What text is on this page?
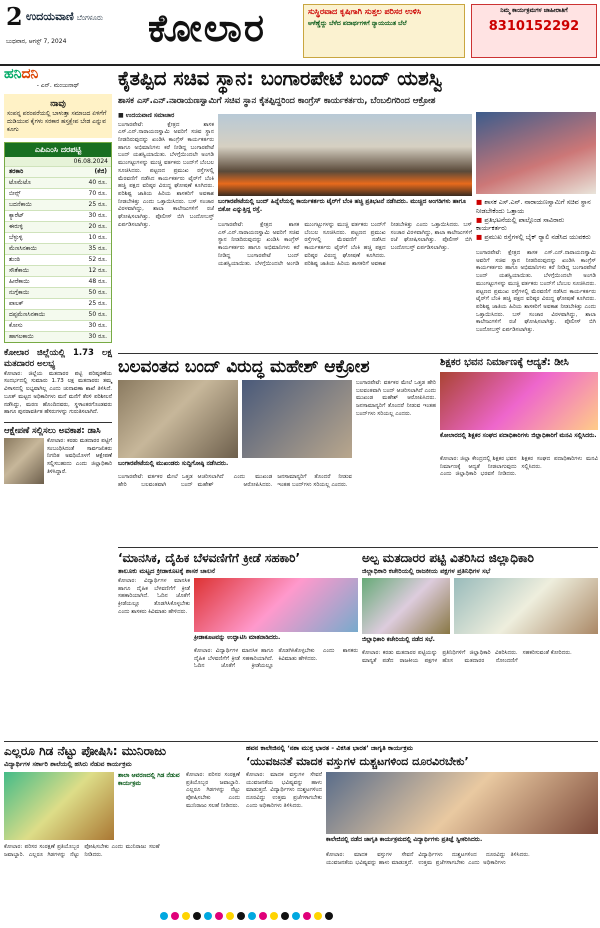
2 ಉದಯವಾಣಿ ಬೆಂಗಳೂರು
ಬುಧವಾರ, ಆಗಸ್ಟ್ 7, 2024 ಕೋಲಾರ	ಸುಸ್ಥಿರವಾದ ಕೃಷಿಗಾಗಿ ಸುತ್ತಲ ಪರಿಸರ ಉಳಿಸಿ
ಆಳೆಣ್ಣೆದ್ದು ಬೆಳೆದ ಪದಾರ್ಥಗಳಿಗೆ ನ್ಯಾಯಯುತ ಬೆಲೆ
ನಿಮ್ಮ ಕಾರ್ಯಕ್ರಮಗಳ ಜಾಹೀರಾತಿಗೆ
8310152292
ಹನಿದನಿ
- ಎನ್. ಮಂಜುನಾಥ್
ನಾವು
ಸಂಪನ್ನ ಪರಂಪರೆಯಲ್ಲಿ ಬಾಳುತ್ತಾ ಸಮಾಜದ ಏಳಿಗೆಗೆ ದುಡಿಯುವ ಕೈಗಳು ಸರಕಾರ ಹಸ್ತಕ್ಷೇಪ ಬೇಡ ಎನ್ನುವ ಕೂಗು
ಎಪಿಎಂಸಿ ದರಪಟ್ಟಿ
06.08.2024
ತರಕಾರಿ	(ಕೆಜಿ)
ಟೊಮೆಟೊ	40 ರೂ.
ಬೀನ್ಸ್	70 ರೂ.
ಬದನೆಕಾಯಿ	25 ರೂ.
ಕ್ಯಾರೆಟ್	30 ರೂ.
ಈರುಳ್ಳಿ	20 ರೂ.
ಬೆಳ್ಳುಳ್ಳಿ	10 ರೂ.
ಮೆಣಸಿನಕಾಯಿ	35 ರೂ.
ಶುಂಠಿ	52 ರೂ.
ಸೌತೆಕಾಯಿ	12 ರೂ.
ಹೀರೆಕಾಯಿ	48 ರೂ.
ನುಗ್ಗೆಕಾಯಿ	50 ರೂ.
ಪಾಲಕ್	25 ರೂ.
ದಪ್ಪಮೆಣಸಿನಕಾಯಿ	50 ರೂ.
ಕೋಸು	30 ರೂ.
ಹಾಗಲಕಾಯಿ	30 ರೂ.
ಕೋಲಾರ ಜಿಲ್ಲೆಯಲ್ಲಿ 1.73 ಲಕ್ಷ ಮತದಾರರ ಅಲಭ್ಯ
ಕೋಲಾರ: ಜಿಲ್ಲೆಯ ಮತದಾರರ ಪಟ್ಟಿ ಪರಿಷ್ಕರಣೆಯ ಸಂದರ್ಭದಲ್ಲಿ ಸುಮಾರು 1.73 ಲಕ್ಷ ಮತದಾರರು ತಮ್ಮ ವಿಳಾಸದಲ್ಲಿ ಲಭ್ಯವಾಗಿಲ್ಲ ಎಂದು ಚುನಾವಣಾ ಶಾಖೆ ತಿಳಿಸಿದೆ. ಬೂತ್ ಮಟ್ಟದ ಅಧಿಕಾರಿಗಳು ಮನೆ ಮನೆಗೆ ತೆರಳಿ ಪರಿಶೀಲನೆ ನಡೆಸಿದ್ದು, ಮರಣ ಹೊಂದಿದವರು, ಸ್ಥಳಾಂತರಗೊಂಡವರು ಹಾಗೂ ಪುನರಾವರ್ತಿತ ಹೆಸರುಗಳನ್ನು ಗುರುತಿಸಲಾಗಿದೆ.
ಆಕ್ಷೇಪಣೆ ಸಲ್ಲಿಸಲು ಅವಕಾಶ: ಡಾಸಿ
ಕೋಲಾರ: ಕರಡು ಮತದಾರರ ಪಟ್ಟಿಗೆ ಸಂಬಂಧಿಸಿದಂತೆ ಸಾರ್ವಜನಿಕರು ನಿಗದಿತ ಅವಧಿಯೊಳಗೆ ಆಕ್ಷೇಪಣೆ ಸಲ್ಲಿಸಬಹುದು ಎಂದು ಜಿಲ್ಲಾಧಿಕಾರಿ ತಿಳಿಸಿದ್ದಾರೆ.
ಕೈತಪ್ಪಿದ ಸಚಿವ ಸ್ಥಾನ: ಬಂಗಾರಪೇಟೆ ಬಂದ್ ಯಶಸ್ವಿ
ಶಾಸಕ ಎಸ್.ಎನ್.ನಾರಾಯಣಸ್ವಾಮಿಗೆ ಸಚಿವ ಸ್ಥಾನ ಕೈತಪ್ಪಿದ್ದರಿಂದ ಕಾಂಗ್ರೆಸ್ ಕಾರ್ಯಕರ್ತರು, ಬೆಂಬಲಿಗರಿಂದ ಆಕ್ರೋಶ
■ ಉದಯವಾಣಿ ಸಮಾಚಾರ
ಬಂಗಾರಪೇಟೆ: ಕ್ಷೇತ್ರದ ಶಾಸಕ ಎಸ್.ಎನ್.ನಾರಾಯಣಸ್ವಾಮಿ ಅವರಿಗೆ ಸಚಿವ ಸ್ಥಾನ ನೀಡದಿರುವುದನ್ನು ಖಂಡಿಸಿ ಕಾಂಗ್ರೆಸ್ ಕಾರ್ಯಕರ್ತರು ಹಾಗೂ ಅಭಿಮಾನಿಗಳು ಕರೆ ನೀಡಿದ್ದ ಬಂಗಾರಪೇಟೆ ಬಂದ್ ಯಶಸ್ವಿಯಾಯಿತು. ಬೆಳಗ್ಗೆಯಿಂದಲೇ ಅಂಗಡಿ ಮುಂಗಟ್ಟುಗಳನ್ನು ಮುಚ್ಚಿ ವರ್ತಕರು ಬಂದ್‌ಗೆ ಬೆಂಬಲ ಸೂಚಿಸಿದರು. ಪಟ್ಟಣದ ಪ್ರಮುಖ ರಸ್ತೆಗಳಲ್ಲಿ ಮೆರವಣಿಗೆ ನಡೆಸಿದ ಕಾರ್ಯಕರ್ತರು ಟೈರ್‌ಗೆ ಬೆಂಕಿ ಹಚ್ಚಿ ಪಕ್ಷದ ವರಿಷ್ಠರ ವಿರುದ್ಧ ಘೋಷಣೆ ಕೂಗಿದರು. ಪರಿಶಿಷ್ಟ ಜಾತಿಯ ಹಿರಿಯ ಶಾಸಕರಿಗೆ ಅವಕಾಶ ನೀಡಬೇಕಿತ್ತು ಎಂದು ಒತ್ತಾಯಿಸಿದರು. ಬಸ್ ಸಂಚಾರ ವಿರಳವಾಗಿದ್ದು, ಶಾಲಾ ಕಾಲೇಜುಗಳಿಗೆ ರಜೆ ಘೋಷಿಸಲಾಗಿತ್ತು. ಪೊಲೀಸ್ ಬಿಗಿ ಬಂದೋಬಸ್ತ್ ಏರ್ಪಡಿಸಲಾಗಿತ್ತು.
ಬಂಗಾರಪೇಟೆಯಲ್ಲಿ ಬಂದ್ ಹಿನ್ನೆಲೆಯಲ್ಲಿ ಕಾರ್ಯಕರ್ತರು ಟೈರ್‌ಗೆ ಬೆಂಕಿ ಹಚ್ಚಿ ಪ್ರತಿಭಟನೆ ನಡೆಸಿದರು. ಮುಚ್ಚಿದ ಅಂಗಡಿಗಳು ಹಾಗೂ ಬಿಕೋ ಎನ್ನುತ್ತಿದ್ದ ರಸ್ತೆ.
■ ಶಾಸಕ ಎಸ್.ಎನ್. ನಾರಾಯಣಸ್ವಾಮಿಗೆ ಸಚಿವ ಸ್ಥಾನ ನೀಡಬೇಕೆಂದು ಒತ್ತಾಯ
■ ಪ್ರತಿಭಟನೆಯಲ್ಲಿ ಪಾಲ್ಗೊಂಡ ಸಾವಿರಾರು ಕಾರ್ಯಕರ್ತರು
■ ಪ್ರಮುಖ ರಸ್ತೆಗಳಲ್ಲಿ ಬೈಕ್ ರ್‍ಯಾಲಿ ನಡೆಸಿದ ಯುವಕರು
ಬಂಗಾರಪೇಟೆ: ಕ್ಷೇತ್ರದ ಶಾಸಕ ಎಸ್.ಎನ್.ನಾರಾಯಣಸ್ವಾಮಿ ಅವರಿಗೆ ಸಚಿವ ಸ್ಥಾನ ನೀಡದಿರುವುದನ್ನು ಖಂಡಿಸಿ ಕಾಂಗ್ರೆಸ್ ಕಾರ್ಯಕರ್ತರು ಹಾಗೂ ಅಭಿಮಾನಿಗಳು ಕರೆ ನೀಡಿದ್ದ ಬಂಗಾರಪೇಟೆ ಬಂದ್ ಯಶಸ್ವಿಯಾಯಿತು. ಬೆಳಗ್ಗೆಯಿಂದಲೇ ಅಂಗಡಿ ಮುಂಗಟ್ಟುಗಳನ್ನು ಮುಚ್ಚಿ ವರ್ತಕರು ಬಂದ್‌ಗೆ ಬೆಂಬಲ ಸೂಚಿಸಿದರು. ಪಟ್ಟಣದ ಪ್ರಮುಖ ರಸ್ತೆಗಳಲ್ಲಿ ಮೆರವಣಿಗೆ ನಡೆಸಿದ ಕಾರ್ಯಕರ್ತರು ಟೈರ್‌ಗೆ ಬೆಂಕಿ ಹಚ್ಚಿ ಪಕ್ಷದ ವರಿಷ್ಠರ ವಿರುದ್ಧ ಘೋಷಣೆ ಕೂಗಿದರು. ಪರಿಶಿಷ್ಟ ಜಾತಿಯ ಹಿರಿಯ ಶಾಸಕರಿಗೆ ಅವಕಾಶ ನೀಡಬೇಕಿತ್ತು ಎಂದು ಒತ್ತಾಯಿಸಿದರು. ಬಸ್ ಸಂಚಾರ ವಿರಳವಾಗಿದ್ದು, ಶಾಲಾ ಕಾಲೇಜುಗಳಿಗೆ ರಜೆ ಘೋಷಿಸಲಾಗಿತ್ತು. ಪೊಲೀಸ್ ಬಿಗಿ ಬಂದೋಬಸ್ತ್ ಏರ್ಪಡಿಸಲಾಗಿತ್ತು.
ಬಂಗಾರಪೇಟೆ: ಕ್ಷೇತ್ರದ ಶಾಸಕ ಎಸ್.ಎನ್.ನಾರಾಯಣಸ್ವಾಮಿ ಅವರಿಗೆ ಸಚಿವ ಸ್ಥಾನ ನೀಡದಿರುವುದನ್ನು ಖಂಡಿಸಿ ಕಾಂಗ್ರೆಸ್ ಕಾರ್ಯಕರ್ತರು ಹಾಗೂ ಅಭಿಮಾನಿಗಳು ಕರೆ ನೀಡಿದ್ದ ಬಂಗಾರಪೇಟೆ ಬಂದ್ ಯಶಸ್ವಿಯಾಯಿತು. ಬೆಳಗ್ಗೆಯಿಂದಲೇ ಅಂಗಡಿ ಮುಂಗಟ್ಟುಗಳನ್ನು ಮುಚ್ಚಿ ವರ್ತಕರು ಬಂದ್‌ಗೆ ಬೆಂಬಲ ಸೂಚಿಸಿದರು. ಪಟ್ಟಣದ ಪ್ರಮುಖ ರಸ್ತೆಗಳಲ್ಲಿ ಮೆರವಣಿಗೆ ನಡೆಸಿದ ಕಾರ್ಯಕರ್ತರು ಟೈರ್‌ಗೆ ಬೆಂಕಿ ಹಚ್ಚಿ ಪಕ್ಷದ ವರಿಷ್ಠರ ವಿರುದ್ಧ ಘೋಷಣೆ ಕೂಗಿದರು. ಪರಿಶಿಷ್ಟ ಜಾತಿಯ ಹಿರಿಯ ಶಾಸಕರಿಗೆ ಅವಕಾಶ ನೀಡಬೇಕಿತ್ತು ಎಂದು ಒತ್ತಾಯಿಸಿದರು. ಬಸ್ ಸಂಚಾರ ವಿರಳವಾಗಿದ್ದು, ಶಾಲಾ ಕಾಲೇಜುಗಳಿಗೆ ರಜೆ ಘೋಷಿಸಲಾಗಿತ್ತು. ಪೊಲೀಸ್ ಬಿಗಿ ಬಂದೋಬಸ್ತ್ ಏರ್ಪಡಿಸಲಾಗಿತ್ತು.
ಬಲವಂತದ ಬಂದ್ ವಿರುದ್ಧ ಮಹೇಶ್ ಆಕ್ರೋಶ
ಬಂಗಾರಪೇಟೆಯಲ್ಲಿ ಮುಖಂಡರು ಸುದ್ದಿಗೋಷ್ಠಿ ನಡೆಸಿದರು.
ಬಂಗಾರಪೇಟೆ: ವರ್ತಕರ ಮೇಲೆ ಒತ್ತಡ ಹೇರಿ ಬಲವಂತವಾಗಿ ಬಂದ್ ಆಚರಿಸಲಾಗಿದೆ ಎಂದು ಮುಖಂಡ ಮಹೇಶ್ ಆರೋಪಿಸಿದರು. ಜನಸಾಮಾನ್ಯರಿಗೆ ತೊಂದರೆ ನೀಡುವ ಇಂತಹ ಬಂದ್‌ಗಳು ಸರಿಯಲ್ಲ ಎಂದರು.
ಬಂಗಾರಪೇಟೆ: ವರ್ತಕರ ಮೇಲೆ ಒತ್ತಡ ಹೇರಿ ಬಲವಂತವಾಗಿ ಬಂದ್ ಆಚರಿಸಲಾಗಿದೆ ಎಂದು ಮುಖಂಡ ಮಹೇಶ್ ಆರೋಪಿಸಿದರು. ಜನಸಾಮಾನ್ಯರಿಗೆ ತೊಂದರೆ ನೀಡುವ ಇಂತಹ ಬಂದ್‌ಗಳು ಸರಿಯಲ್ಲ ಎಂದರು.
ಶಿಕ್ಷಕರ ಭವನ ನಿರ್ಮಾಣಕ್ಕೆ ಆದ್ಯತೆ: ಡೀಸಿ
ಕೋಲಾರದಲ್ಲಿ ಶಿಕ್ಷಕರ ಸಂಘದ ಪದಾಧಿಕಾರಿಗಳು ಜಿಲ್ಲಾಧಿಕಾರಿಗೆ ಮನವಿ ಸಲ್ಲಿಸಿದರು.
ಕೋಲಾರ: ಜಿಲ್ಲಾ ಕೇಂದ್ರದಲ್ಲಿ ಶಿಕ್ಷಕರ ಭವನ ನಿರ್ಮಾಣಕ್ಕೆ ಆದ್ಯತೆ ನೀಡಲಾಗುವುದು ಎಂದು ಜಿಲ್ಲಾಧಿಕಾರಿ ಭರವಸೆ ನೀಡಿದರು. ಶಿಕ್ಷಕರ ಸಂಘದ ಪದಾಧಿಕಾರಿಗಳು ಮನವಿ ಸಲ್ಲಿಸಿದರು.
‘ಮಾನಸಿಕ, ದೈಹಿಕ ಬೆಳವಣಿಗೆಗೆ ಕ್ರೀಡೆ ಸಹಕಾರಿ’
ತಾಲೂಕು ಮಟ್ಟದ ಕ್ರೀಡಾಕೂಟಕ್ಕೆ ಶಾಸಕ ಚಾಲನೆ
ಕೋಲಾರ: ವಿದ್ಯಾರ್ಥಿಗಳ ಮಾನಸಿಕ ಹಾಗೂ ದೈಹಿಕ ಬೆಳವಣಿಗೆಗೆ ಕ್ರೀಡೆ ಸಹಕಾರಿಯಾಗಿದೆ. ಓದಿನ ಜೊತೆಗೆ ಕ್ರೀಡೆಯಲ್ಲೂ ತೊಡಗಿಸಿಕೊಳ್ಳಬೇಕು ಎಂದು ಶಾಸಕರು ಕಿವಿಮಾತು ಹೇಳಿದರು.
ಕ್ರೀಡಾಕೂಟವನ್ನು ಉದ್ಘಾಟಿಸಿ ಮಾತನಾಡಿದರು.
ಕೋಲಾರ: ವಿದ್ಯಾರ್ಥಿಗಳ ಮಾನಸಿಕ ಹಾಗೂ ದೈಹಿಕ ಬೆಳವಣಿಗೆಗೆ ಕ್ರೀಡೆ ಸಹಕಾರಿಯಾಗಿದೆ. ಓದಿನ ಜೊತೆಗೆ ಕ್ರೀಡೆಯಲ್ಲೂ ತೊಡಗಿಸಿಕೊಳ್ಳಬೇಕು ಎಂದು ಶಾಸಕರು ಕಿವಿಮಾತು ಹೇಳಿದರು.
ಅಲ್ಪ ಮತದಾರರ ಪಟ್ಟಿ ವಿತರಿಸಿದ ಜಿಲ್ಲಾಧಿಕಾರಿ
ಜಿಲ್ಲಾಧಿಕಾರಿ ಕಚೇರಿಯಲ್ಲಿ ರಾಜಕೀಯ ಪಕ್ಷಗಳ ಪ್ರತಿನಿಧಿಗಳ ಸಭೆ
ಜಿಲ್ಲಾಧಿಕಾರಿ ಕಚೇರಿಯಲ್ಲಿ ನಡೆದ ಸಭೆ.
ಕೋಲಾರ: ಕರಡು ಮತದಾರರ ಪಟ್ಟಿಯನ್ನು ಮಾನ್ಯತೆ ಪಡೆದ ರಾಜಕೀಯ ಪಕ್ಷಗಳ ಪ್ರತಿನಿಧಿಗಳಿಗೆ ಜಿಲ್ಲಾಧಿಕಾರಿ ವಿತರಿಸಿದರು. ಹೊಸ ಮತದಾರರ ನೋಂದಣಿಗೆ ಸಹಕರಿಸುವಂತೆ ಕೋರಿದರು.
ಎಲ್ಲರೂ ಗಿಡ ನೆಟ್ಟು ಪೋಷಿಸಿ: ಮುನಿರಾಜು
ವಿದ್ಯಾರ್ಥಿಗಳ ಸರ್ಕಾರಿ ಶಾಲೆಯಲ್ಲಿ ಹಸಿರು ನೆಡುವ ಕಾರ್ಯಕ್ರಮ
ಶಾಲಾ ಆವರಣದಲ್ಲಿ ಗಿಡ ನೆಡುವ ಕಾರ್ಯಕ್ರಮ
ಕೋಲಾರ: ಪರಿಸರ ಸಂರಕ್ಷಣೆ ಪ್ರತಿಯೊಬ್ಬರ ಜವಾಬ್ದಾರಿ. ಎಲ್ಲರೂ ಗಿಡಗಳನ್ನು ನೆಟ್ಟು ಪೋಷಿಸಬೇಕು ಎಂದು ಮುನಿರಾಜು ಸಲಹೆ ನೀಡಿದರು.
ಕೋಲಾರ: ಪರಿಸರ ಸಂರಕ್ಷಣೆ ಪ್ರತಿಯೊಬ್ಬರ ಜವಾಬ್ದಾರಿ. ಎಲ್ಲರೂ ಗಿಡಗಳನ್ನು ನೆಟ್ಟು ಪೋಷಿಸಬೇಕು ಎಂದು ಮುನಿರಾಜು ಸಲಹೆ ನೀಡಿದರು.
ಹವನ ಕಾಲೇಜಿನಲ್ಲಿ ‘ನಶಾ ಮುಕ್ತ ಭಾರತ - ವಿಕಸಿತ ಭಾರತ’ ಜಾಗೃತಿ ಕಾರ್ಯಕ್ರಮ
‘ಯುವಜನತೆ ಮಾದಕ ವಸ್ತುಗಳ ದುಶ್ಚಟಗಳಿಂದ ದೂರವಿರಬೇಕು’
ಕೋಲಾರ: ಮಾದಕ ವಸ್ತುಗಳ ಸೇವನೆ ಯುವಜನತೆಯ ಭವಿಷ್ಯವನ್ನು ಹಾಳು ಮಾಡುತ್ತದೆ. ವಿದ್ಯಾರ್ಥಿಗಳು ದುಶ್ಚಟಗಳಿಂದ ದೂರವಿದ್ದು ಉತ್ತಮ ಪ್ರಜೆಗಳಾಗಬೇಕು ಎಂದು ಅಧಿಕಾರಿಗಳು ತಿಳಿಸಿದರು.
ಕಾಲೇಜಿನಲ್ಲಿ ನಡೆದ ಜಾಗೃತಿ ಕಾರ್ಯಕ್ರಮದಲ್ಲಿ ವಿದ್ಯಾರ್ಥಿಗಳು ಪ್ರತಿಜ್ಞೆ ಸ್ವೀಕರಿಸಿದರು.
ಕೋಲಾರ: ಮಾದಕ ವಸ್ತುಗಳ ಸೇವನೆ ಯುವಜನತೆಯ ಭವಿಷ್ಯವನ್ನು ಹಾಳು ಮಾಡುತ್ತದೆ. ವಿದ್ಯಾರ್ಥಿಗಳು ದುಶ್ಚಟಗಳಿಂದ ದೂರವಿದ್ದು ಉತ್ತಮ ಪ್ರಜೆಗಳಾಗಬೇಕು ಎಂದು ಅಧಿಕಾರಿಗಳು ತಿಳಿಸಿದರು.
